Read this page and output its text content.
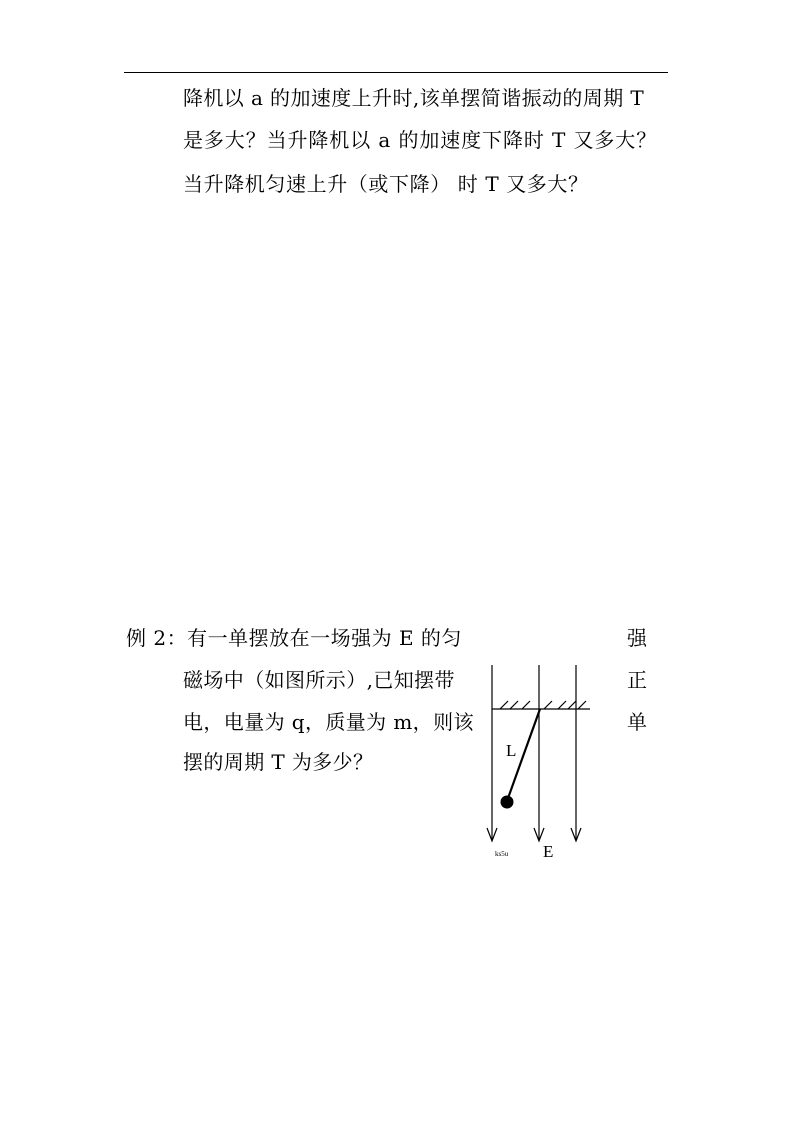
降机以 a 的加速度上升时,该单摆简谐振动的周期 T
是多大？当升降机以 a 的加速度下降时 T 又多大？
当升降机匀速上升（或下降） 时 T 又多大？
例 2：有一单摆放在一场强为 E 的匀
磁场中（如图所示）,已知摆带
电，电量为 q，质量为 m，则该
摆的周期 T 为多少？
强
正
单
L
E
ks5u
